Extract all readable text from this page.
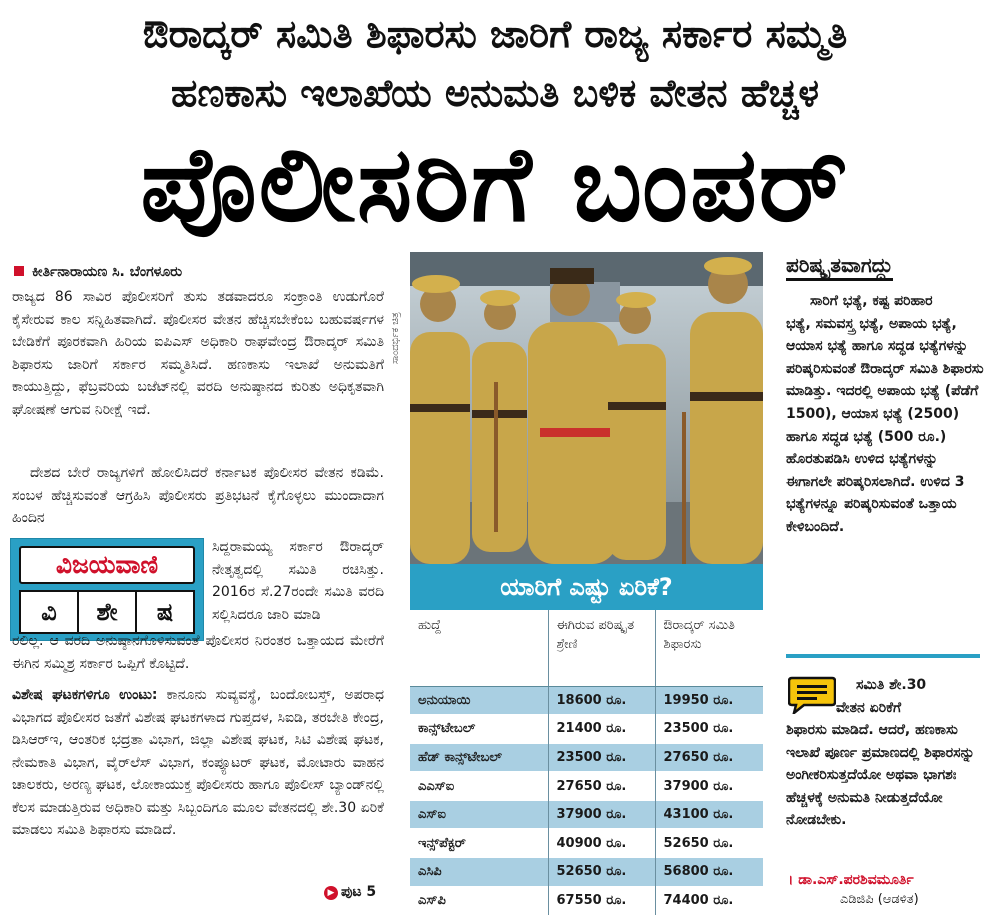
ಔರಾದ್ಕರ್ ಸಮಿತಿ ಶಿಫಾರಸು ಜಾರಿಗೆ ರಾಜ್ಯ ಸರ್ಕಾರ ಸಮ್ಮತಿ
ಹಣಕಾಸು ಇಲಾಖೆಯ ಅನುಮತಿ ಬಳಿಕ ವೇತನ ಹೆಚ್ಚಳ
ಪೊಲೀಸರಿಗೆ ಬಂಪರ್
ಕೀರ್ತಿನಾರಾಯಣ ಸಿ. ಬೆಂಗಳೂರು
ರಾಜ್ಯದ 86 ಸಾವಿರ ಪೊಲೀಸರಿಗೆ ತುಸು ತಡವಾದರೂ ಸಂಕ್ರಾಂತಿ ಉಡುಗೊರೆ ಕೈಸೇರುವ ಕಾಲ ಸನ್ನಿಹಿತವಾಗಿದೆ. ಪೊಲೀಸರ ವೇತನ ಹೆಚ್ಚಿಸಬೇಕೆಂಬ ಬಹುವರ್ಷಗಳ ಬೇಡಿಕೆಗೆ ಪೂರಕವಾಗಿ ಹಿರಿಯ ಐಪಿಎಸ್ ಅಧಿಕಾರಿ ರಾಘವೇಂದ್ರ ಔರಾದ್ಕರ್ ಸಮಿತಿ ಶಿಫಾರಸು ಜಾರಿಗೆ ಸರ್ಕಾರ ಸಮ್ಮತಿಸಿದೆ. ಹಣಕಾಸು ಇಲಾಖೆ ಅನುಮತಿಗೆ ಕಾಯುತ್ತಿದ್ದು, ಫೆಬ್ರವರಿಯ ಬಜೆಟ್‌ನಲ್ಲಿ ವರದಿ ಅನುಷ್ಠಾನದ ಕುರಿತು ಅಧಿಕೃತವಾಗಿ ಘೋಷಣೆ ಆಗುವ ನಿರೀಕ್ಷೆ ಇದೆ.
ದೇಶದ ಬೇರೆ ರಾಜ್ಯಗಳಿಗೆ ಹೋಲಿಸಿದರೆ ಕರ್ನಾಟಕ ಪೊಲೀಸರ ವೇತನ ಕಡಿಮೆ. ಸಂಬಳ ಹೆಚ್ಚಿಸುವಂತೆ ಆಗ್ರಹಿಸಿ ಪೊಲೀಸರು ಪ್ರತಿಭಟನೆ ಕೈಗೊಳ್ಳಲು ಮುಂದಾದಾಗ ಹಿಂದಿನ
ವಿಜಯವಾಣಿ
ವಿ	ಶೇ	ಷ
ಸಿದ್ದರಾಮಯ್ಯ ಸರ್ಕಾರ ಔರಾದ್ಕರ್ ನೇತೃತ್ವದಲ್ಲಿ ಸಮಿತಿ ರಚಿಸಿತ್ತು. 2016ರ ಸೆ.27ರಂದೇ ಸಮಿತಿ ವರದಿ ಸಲ್ಲಿಸಿದರೂ ಜಾರಿ ಮಾಡಿ
ರಲಿಲ್ಲ. ಆ ವರದಿ ಅನುಷ್ಠಾನಗೊಳಿಸುವಂತೆ ಪೊಲೀಸರ ನಿರಂತರ ಒತ್ತಾಯದ ಮೇರೆಗೆ ಈಗಿನ ಸಮ್ಮಿಶ್ರ ಸರ್ಕಾರ ಒಪ್ಪಿಗೆ ಕೊಟ್ಟಿದೆ.
ವಿಶೇಷ ಘಟಕಗಳಿಗೂ ಉಂಟು: ಕಾನೂನು ಸುವ್ಯವಸ್ಥೆ, ಬಂದೋಬಸ್ತ್, ಅಪರಾಧ ವಿಭಾಗದ ಪೊಲೀಸರ ಜತೆಗೆ ವಿಶೇಷ ಘಟಕಗಳಾದ ಗುಪ್ತದಳ, ಸಿಐಡಿ, ತರಬೇತಿ ಕೇಂದ್ರ, ಡಿಸಿಆರ್‌ಇ, ಆಂತರಿಕ ಭದ್ರತಾ ವಿಭಾಗ, ಜಿಲ್ಲಾ ವಿಶೇಷ ಘಟಕ, ಸಿಟಿ ವಿಶೇಷ ಘಟಕ, ನೇಮಕಾತಿ ವಿಭಾಗ, ವೈರ್‌ಲೆಸ್ ವಿಭಾಗ, ಕಂಪ್ಯೂಟರ್ ಘಟಕ, ಮೋಟಾರು ವಾಹನ ಚಾಲಕರು, ಅರಣ್ಯ ಘಟಕ, ಲೋಕಾಯುಕ್ತ ಪೊಲೀಸರು ಹಾಗೂ ಪೊಲೀಸ್ ಬ್ಯಾಂಡ್‌ನಲ್ಲಿ ಕೆಲಸ ಮಾಡುತ್ತಿರುವ ಅಧಿಕಾರಿ ಮತ್ತು ಸಿಬ್ಬಂದಿಗೂ ಮೂಲ ವೇತನದಲ್ಲಿ ಶೇ.30 ಏರಿಕೆ ಮಾಡಲು ಸಮಿತಿ ಶಿಫಾರಸು ಮಾಡಿದೆ.
▶ ಪುಟ 5
ಸಾಂದರ್ಭಿಕ ಚಿತ್ರ
ಯಾರಿಗೆ ಎಷ್ಟು ಏರಿಕೆ?
ಹುದ್ದೆ	ಈಗಿರುವ ಪರಿಷ್ಕೃತ ಶ್ರೇಣಿ	ಔರಾದ್ಕರ್ ಸಮಿತಿ ಶಿಫಾರಸು
ಅನುಯಾಯಿ	18600 ರೂ.	19950 ರೂ.
ಕಾನ್ಸ್‌ಟೇಬಲ್	21400 ರೂ.	23500 ರೂ.
ಹೆಡ್ ಕಾನ್ಸ್‌ಟೇಬಲ್	23500 ರೂ.	27650 ರೂ.
ಎಎಸ್‌ಐ	27650 ರೂ.	37900 ರೂ.
ಎಸ್‌ಐ	37900 ರೂ.	43100 ರೂ.
ಇನ್ಸ್‌ಪೆಕ್ಟರ್	40900 ರೂ.	52650 ರೂ.
ಎಸಿಪಿ	52650 ರೂ.	56800 ರೂ.
ಎಸ್‌ಪಿ	67550 ರೂ.	74400 ರೂ.
ಪರಿಷ್ಕೃತವಾಗದ್ದು
ಸಾರಿಗೆ ಭತ್ಯೆ, ಕಷ್ಟ ಪರಿಹಾರ
ಭತ್ಯೆ, ಸಮವಸ್ತ್ರ ಭತ್ಯೆ, ಅಪಾಯ ಭತ್ಯೆ, ಆಯಾಸ ಭತ್ಯೆ ಹಾಗೂ ಸದ್ಧಡ ಭತ್ಯೆಗಳನ್ನು ಪರಿಷ್ಕರಿಸುವಂತೆ ಔರಾದ್ಕರ್ ಸಮಿತಿ ಶಿಫಾರಸು ಮಾಡಿತ್ತು. ಇದರಲ್ಲಿ ಅಪಾಯ ಭತ್ಯೆ (ಪೆಡೆಗೆ 1500), ಆಯಾಸ ಭತ್ಯೆ (2500) ಹಾಗೂ ಸದ್ಧಡ ಭತ್ಯೆ (500 ರೂ.) ಹೊರತುಪಡಿಸಿ ಉಳಿದ ಭತ್ಯೆಗಳನ್ನು ಈಗಾಗಲೇ ಪರಿಷ್ಕರಿಸಲಾಗಿದೆ. ಉಳಿದ 3 ಭತ್ಯೆಗಳನ್ನೂ ಪರಿಷ್ಕರಿಸುವಂತೆ ಒತ್ತಾಯ ಕೇಳಿಬಂದಿದೆ.
ಸಮಿತಿ ಶೇ.30
ವೇತನ ಏರಿಕೆಗೆ
ಶಿಫಾರಸು ಮಾಡಿದೆ. ಆದರೆ, ಹಣಕಾಸು ಇಲಾಖೆ ಪೂರ್ಣ ಪ್ರಮಾಣದಲ್ಲಿ ಶಿಫಾರಸನ್ನು ಅಂಗೀಕರಿಸುತ್ತದೆಯೋ ಅಥವಾ ಭಾಗಶಃ ಹೆಚ್ಚಳಕ್ಕೆ ಅನುಮತಿ ನೀಡುತ್ತದೆಯೋ ನೋಡಬೇಕು.
। ಡಾ.ಎಸ್.ಪರಶಿವಮೂರ್ತಿ
ಎಡಿಜಿಪಿ (ಆಡಳಿತ)
